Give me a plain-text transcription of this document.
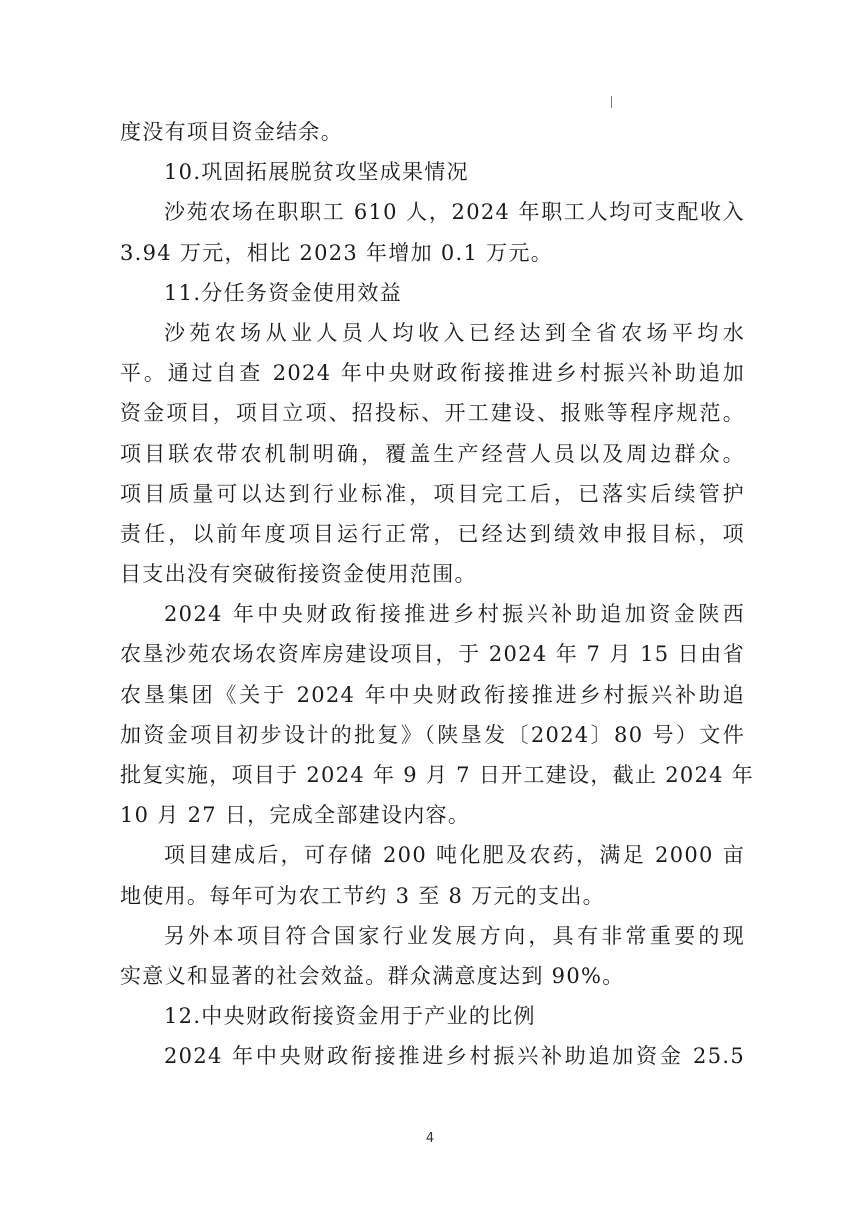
度没有项目资金结余。
10.巩固拓展脱贫攻坚成果情况
沙苑农场在职职工 610 人，2024 年职工人均可支配收入
3.94 万元，相比 2023 年增加 0.1 万元。
11.分任务资金使用效益
沙苑农场从业人员人均收入已经达到全省农场平均水
平。通过自查 2024 年中央财政衔接推进乡村振兴补助追加
资金项目，项目立项、招投标、开工建设、报账等程序规范。
项目联农带农机制明确，覆盖生产经营人员以及周边群众。
项目质量可以达到行业标准，项目完工后，已落实后续管护
责任，以前年度项目运行正常，已经达到绩效申报目标，项
目支出没有突破衔接资金使用范围。
2024 年中央财政衔接推进乡村振兴补助追加资金陕西
农垦沙苑农场农资库房建设项目，于 2024 年 7 月 15 日由省
农垦集团《关于 2024 年中央财政衔接推进乡村振兴补助追
加资金项目初步设计的批复》（陕垦发〔2024〕80 号）文件
批复实施，项目于 2024 年 9 月 7 日开工建设，截止 2024 年
10 月 27 日，完成全部建设内容。
项目建成后，可存储 200 吨化肥及农药，满足 2000 亩
地使用。每年可为农工节约 3 至 8 万元的支出。
另外本项目符合国家行业发展方向，具有非常重要的现
实意义和显著的社会效益。群众满意度达到 90%。
12.中央财政衔接资金用于产业的比例
2024 年中央财政衔接推进乡村振兴补助追加资金 25.5
4
